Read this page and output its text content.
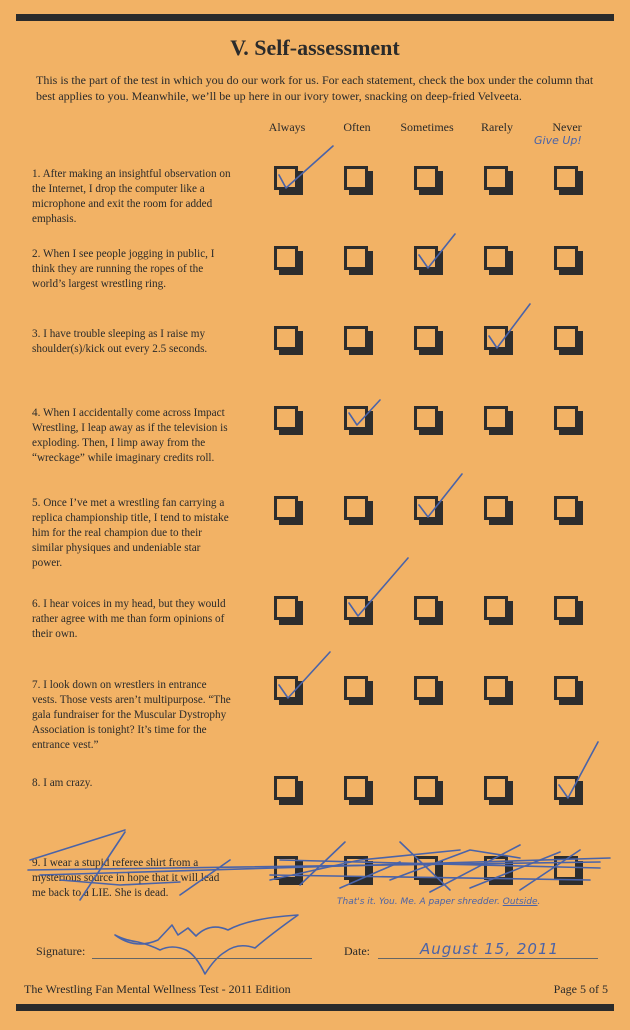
V. Self-assessment
This is the part of the test in which you do our work for us. For each statement, check the box under the column that best applies to you. Meanwhile, we’ll be up here in our ivory tower, snacking on deep-fried Velveeta.
Always	Often	Sometimes	Rarely	Never
Give Up!
1. After making an insightful observation on the Internet, I drop the computer like a microphone and exit the room for added emphasis.
2. When I see people jogging in public, I think they are running the ropes of the world’s largest wrestling ring.
3. I have trouble sleeping as I raise my shoulder(s)/kick out every 2.5 seconds.
4. When I accidentally come across Impact Wrestling, I leap away as if the television is exploding. Then, I limp away from the “wreckage” while imaginary credits roll.
5. Once I’ve met a wrestling fan carrying a replica championship title, I tend to mistake him for the real champion due to their similar physiques and undeniable star power.
6. I hear voices in my head, but they would rather agree with me than form opinions of their own.
7. I look down on wrestlers in entrance vests. Those vests aren’t multipurpose. “The gala fundraiser for the Muscular Dystrophy Association is tonight? It’s time for the entrance vest.”
8. I am crazy.
9. I wear a stupid referee shirt from a mysterious source in hope that it will lead me back to a LIE. She is dead.
That's it. You. Me. A paper shredder. Outside.
Signature:	Date:	August 15, 2011
The Wrestling Fan Mental Wellness Test - 2011 Edition	Page 5 of 5
